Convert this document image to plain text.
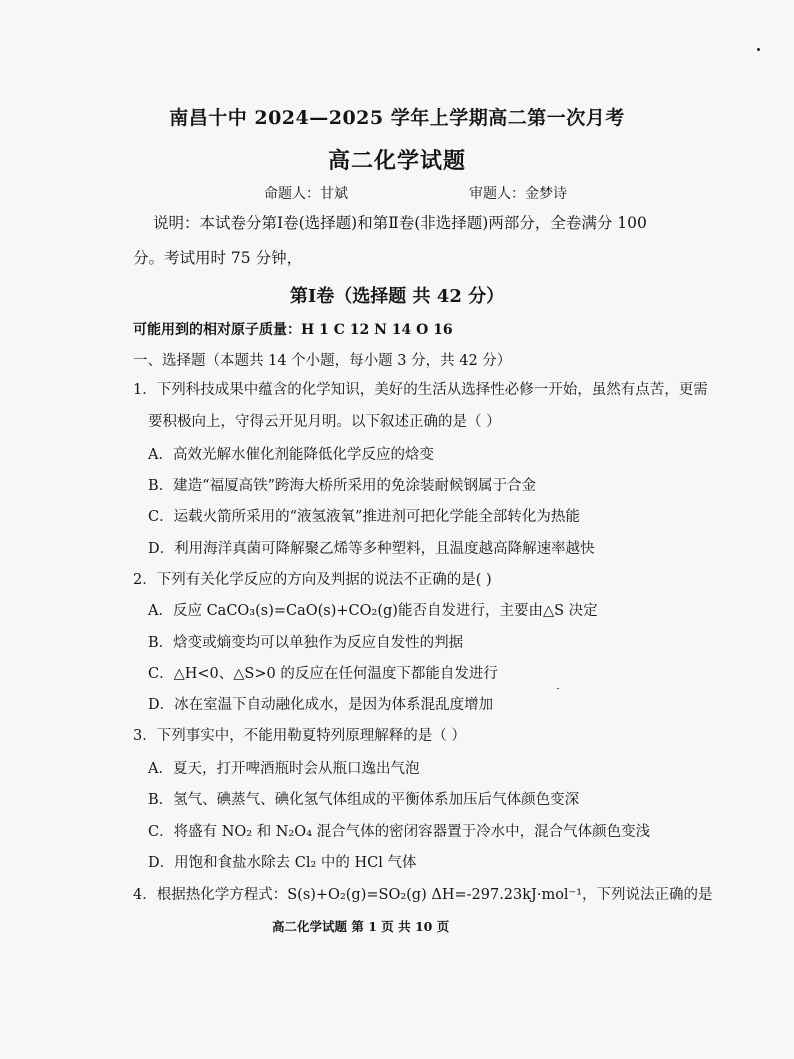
南昌十中 2024—2025 学年上学期高二第一次月考
高二化学试题
命题人：甘斌	审题人：金梦诗
说明：本试卷分第Ⅰ卷(选择题)和第Ⅱ卷(非选择题)两部分，全卷满分 100
分。考试用时 75 分钟，
第Ⅰ卷（选择题 共 42 分）
可能用到的相对原子质量：H 1 C 12 N 14 O 16
一、选择题（本题共 14 个小题，每小题 3 分，共 42 分）
1．下列科技成果中蕴含的化学知识，美好的生活从选择性必修一开始，虽然有点苦，更需
要积极向上，守得云开见月明。以下叙述正确的是（ ）
A．高效光解水催化剂能降低化学反应的焓变
B．建造“福厦高铁”跨海大桥所采用的免涂装耐候钢属于合金
C．运载火箭所采用的“液氢液氧”推进剂可把化学能全部转化为热能
D．利用海洋真菌可降解聚乙烯等多种塑料，且温度越高降解速率越快
2．下列有关化学反应的方向及判据的说法不正确的是( )
A．反应 CaCO₃(s)=CaO(s)+CO₂(g)能否自发进行，主要由△S 决定
B．焓变或熵变均可以单独作为反应自发性的判据
C．△H<0、△S>0 的反应在任何温度下都能自发进行
D．冰在室温下自动融化成水，是因为体系混乱度增加
3．下列事实中，不能用勒夏特列原理解释的是（ ）
A．夏天，打开啤酒瓶时会从瓶口逸出气泡
B．氢气、碘蒸气、碘化氢气体组成的平衡体系加压后气体颜色变深
C．将盛有 NO₂ 和 N₂O₄ 混合气体的密闭容器置于冷水中，混合气体颜色变浅
D．用饱和食盐水除去 Cl₂ 中的 HCl 气体
4．根据热化学方程式：S(s)+O₂(g)=SO₂(g) ΔH=-297.23kJ·mol⁻¹，下列说法正确的是
高二化学试题 第 1 页 共 10 页
